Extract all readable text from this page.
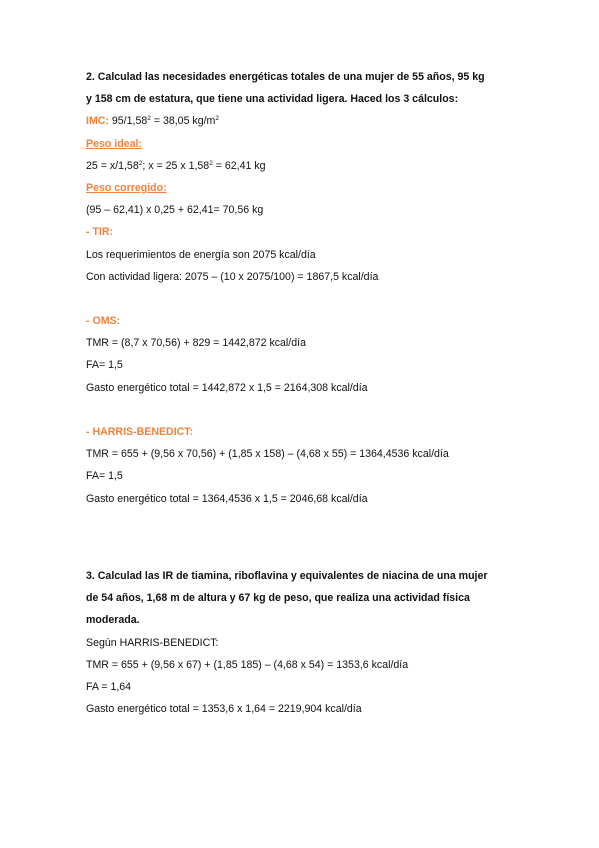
2. Calculad las necesidades energéticas totales de una mujer de 55 años, 95 kg
y 158 cm de estatura, que tiene una actividad ligera. Haced los 3 cálculos:
IMC: $95/1,58^2 = 38,05$ $kg/m^2$
Peso ideal:
$25 = x/1,58^2$; x = 25 x $1,58^2 = 62,41$ kg
Peso corregido:
(95 – 62,41) x 0,25 + 62,41= 70,56 kg
- TIR:
Los requerimientos de energía son 2075 kcal/día
Con actividad ligera: 2075 – (10 x 2075/100) = 1867,5 kcal/día
- OMS:
TMR = (8,7 x 70,56) + 829 = 1442,872 kcal/día
FA= 1,5
Gasto energético total = 1442,872 x 1,5 = 2164,308 kcal/día
- HARRIS-BENEDICT:
TMR = 655 + (9,56 x 70,56) + (1,85 x 158) – (4,68 x 55) = 1364,4536 kcal/día
FA= 1,5
Gasto energético total = 1364,4536 x 1,5 = 2046,68 kcal/día
3. Calculad las IR de tiamina, riboflavina y equivalentes de niacina de una mujer
de 54 años, 1,68 m de altura y 67 kg de peso, que realiza una actividad física
moderada.
Según HARRIS-BENEDICT:
TMR = 655 + (9,56 x 67) + (1,85 185) – (4,68 x 54) = 1353,6 kcal/día
FA = 1,64
Gasto energético total = 1353,6 x 1,64 = 2219,904 kcal/día
